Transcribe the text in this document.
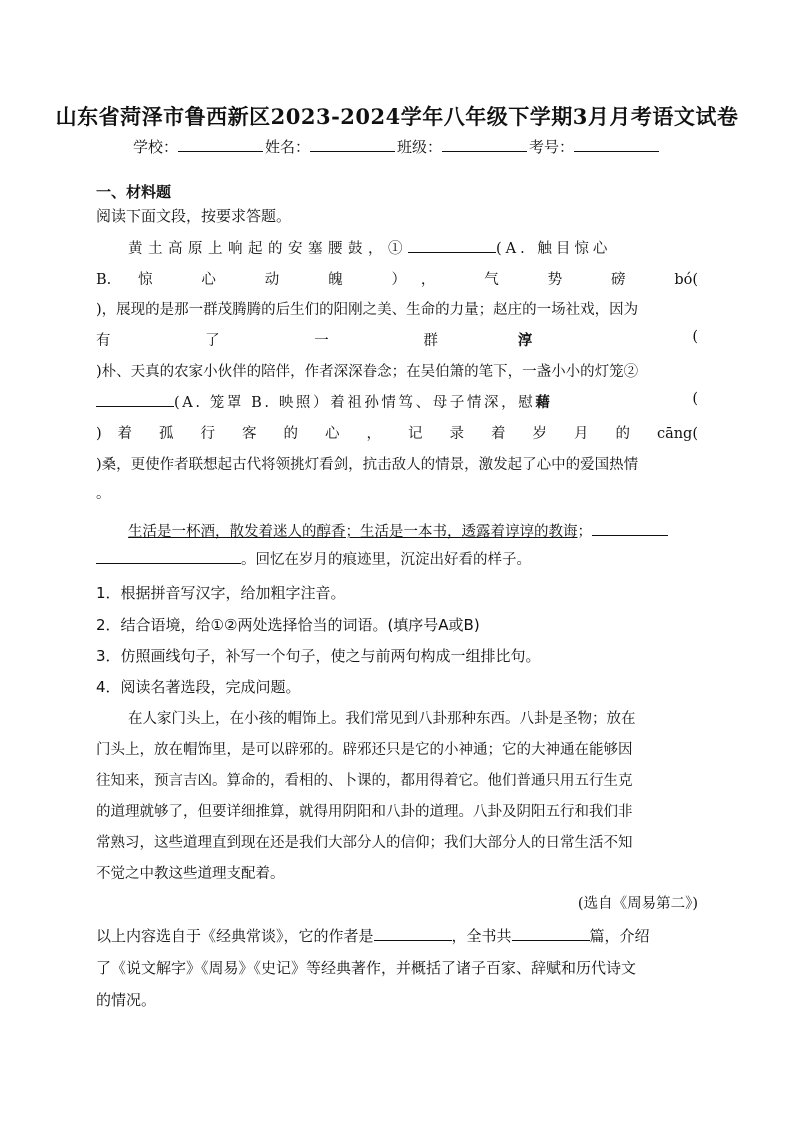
山东省菏泽市鲁西新区2023-2024学年八年级下学期3月月考语文试卷
学校：	姓名：	班级：	考号：
一、材料题
阅读下面文段，按要求答题。
黄土高原上响起的安塞腰鼓，①	(A. 触目惊心
B. 惊 心 动 魄 ）， 气 势 磅 bó(
)，展现的是那一群茂腾腾的后生们的阳刚之美、生命的力量；赵庄的一场社戏，因为
有 了 一 群	淳	(
)朴、天真的农家小伙伴的陪伴，作者深深眷念；在吴伯箫的笔下，一盏小小的灯笼②
(A. 笼罩 B. 映照）着祖孙情笃、母子情深，慰藉	(
) 着 孤 行 客 的 心 ， 记 录 着 岁 月 的 cāng(
)桑，更使作者联想起古代将领挑灯看剑，抗击敌人的情景，激发起了心中的爱国热情
。
生活是一杯酒，散发着迷人的醇香；生活是一本书，透露着谆谆的教诲；
。回忆在岁月的痕迹里，沉淀出好看的样子。
1．根据拼音写汉字，给加粗字注音。
2．结合语境，给①②两处选择恰当的词语。(填序号A或B)
3．仿照画线句子，补写一个句子，使之与前两句构成一组排比句。
4．阅读名著选段，完成问题。
在人家门头上，在小孩的帽饰上。我们常见到八卦那种东西。八卦是圣物；放在
门头上，放在帽饰里，是可以辟邪的。辟邪还只是它的小神通；它的大神通在能够因
往知来，预言吉凶。算命的，看相的、卜课的，都用得着它。他们普通只用五行生克
的道理就够了，但要详细推算，就得用阴阳和八卦的道理。八卦及阴阳五行和我们非
常熟习，这些道理直到现在还是我们大部分人的信仰；我们大部分人的日常生活不知
不觉之中教这些道理支配着。
(选自《周易第二》)
以上内容选自于《经典常谈》，它的作者是	，全书共	篇，介绍
了《说文解字》《周易》《史记》等经典著作，并概括了诸子百家、辞赋和历代诗文
的情况。
